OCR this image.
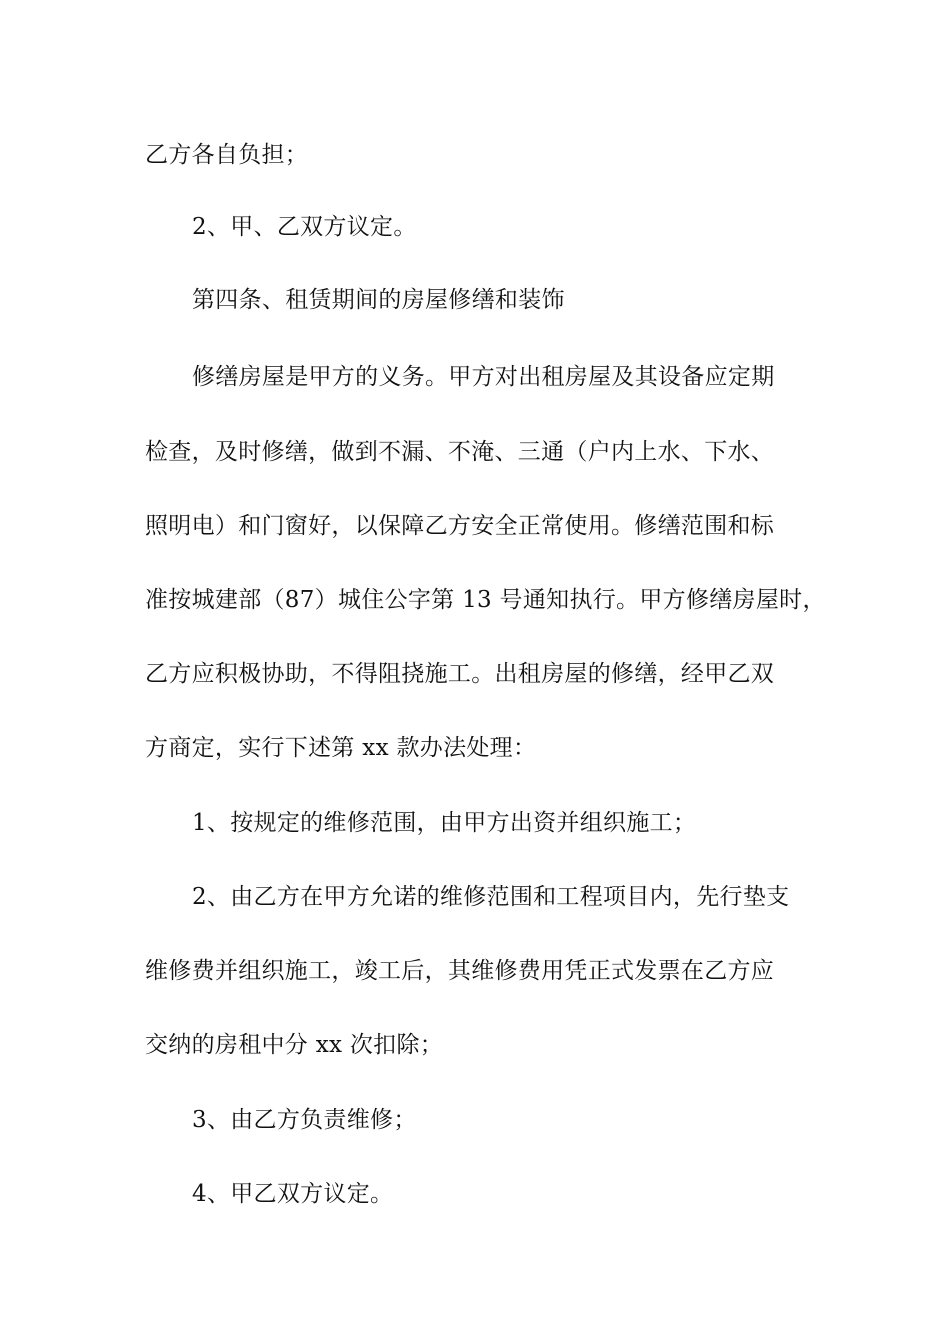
乙方各自负担；

2、甲、乙双方议定。

第四条、租赁期间的房屋修缮和装饰

修缮房屋是甲方的义务。甲方对出租房屋及其设备应定期

检查，及时修缮，做到不漏、不淹、三通（户内上水、下水、

照明电）和门窗好，以保障乙方安全正常使用。修缮范围和标

准按城建部（87）城住公字第 13 号通知执行。甲方修缮房屋时，

乙方应积极协助，不得阻挠施工。出租房屋的修缮，经甲乙双

方商定，实行下述第 xx 款办法处理：

1、按规定的维修范围，由甲方出资并组织施工；

2、由乙方在甲方允诺的维修范围和工程项目内，先行垫支

维修费并组织施工，竣工后，其维修费用凭正式发票在乙方应

交纳的房租中分 xx 次扣除；

3、由乙方负责维修；

4、甲乙双方议定。
